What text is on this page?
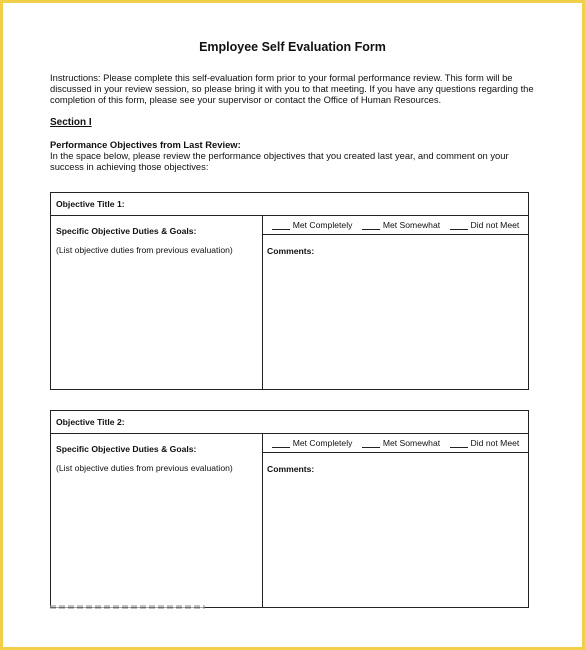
Employee Self Evaluation Form
Instructions: Please complete this self-evaluation form prior to your formal performance review. This form will be discussed in your review session, so please bring it with you to that meeting. If you have any questions regarding the completion of this form, please see your supervisor or contact the Office of Human Resources.
Section I
Performance Objectives from Last Review:
In the space below, please review the performance objectives that you created last year, and comment on your success in achieving those objectives:
Objective Title 1:
Specific Objective Duties & Goals:
(List objective duties from previous evaluation)
Met Completely	Met Somewhat	Did not Meet
Comments:
Objective Title 2:
Specific Objective Duties & Goals:
(List objective duties from previous evaluation)
Met Completely	Met Somewhat	Did not Meet
Comments:
